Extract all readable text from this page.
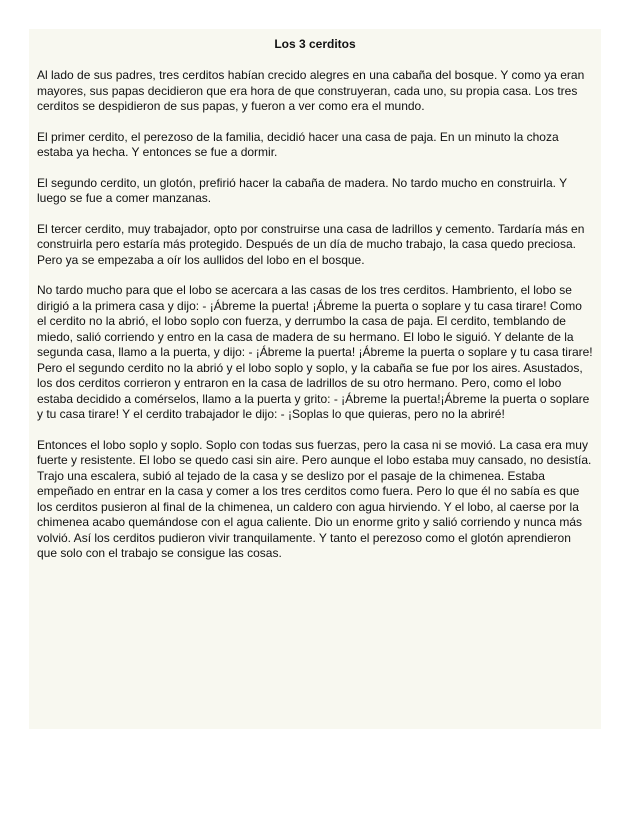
Los 3 cerditos

Al lado de sus padres, tres cerditos habían crecido alegres en una cabaña del bosque. Y como ya eran mayores, sus papas decidieron que era hora de que construyeran, cada uno, su propia casa. Los tres cerditos se despidieron de sus papas, y fueron a ver como era el mundo.

El primer cerdito, el perezoso de la familia, decidió hacer una casa de paja. En un minuto la choza estaba ya hecha. Y entonces se fue a dormir.

El segundo cerdito, un glotón, prefirió hacer la cabaña de madera. No tardo mucho en construirla. Y luego se fue a comer manzanas.

El tercer cerdito, muy trabajador, opto por construirse una casa de ladrillos y cemento. Tardaría más en construirla pero estaría más protegido. Después de un día de mucho trabajo, la casa quedo preciosa. Pero ya se empezaba a oír los aullidos del lobo en el bosque.

No tardo mucho para que el lobo se acercara a las casas de los tres cerditos. Hambriento, el lobo se dirigió a la primera casa y dijo: - ¡Ábreme la puerta! ¡Ábreme la puerta o soplare y tu casa tirare! Como el cerdito no la abrió, el lobo soplo con fuerza, y derrumbo la casa de paja. El cerdito, temblando de miedo, salió corriendo y entro en la casa de madera de su hermano. El lobo le siguió. Y delante de la segunda casa, llamo a la puerta, y dijo: - ¡Ábreme la puerta! ¡Ábreme la puerta o soplare y tu casa tirare! Pero el segundo cerdito no la abrió y el lobo soplo y soplo, y la cabaña se fue por los aires. Asustados, los dos cerditos corrieron y entraron en la casa de ladrillos de su otro hermano. Pero, como el lobo estaba decidido a comérselos, llamo a la puerta y grito: - ¡Ábreme la puerta!¡Ábreme la puerta o soplare y tu casa tirare! Y el cerdito trabajador le dijo: - ¡Soplas lo que quieras, pero no la abriré!

Entonces el lobo soplo y soplo. Soplo con todas sus fuerzas, pero la casa ni se movió. La casa era muy fuerte y resistente. El lobo se quedo casi sin aire. Pero aunque el lobo estaba muy cansado, no desistía. Trajo una escalera, subió al tejado de la casa y se deslizo por el pasaje de la chimenea. Estaba empeñado en entrar en la casa y comer a los tres cerditos como fuera. Pero lo que él no sabía es que los cerditos pusieron al final de la chimenea, un caldero con agua hirviendo. Y el lobo, al caerse por la chimenea acabo quemándose con el agua caliente. Dio un enorme grito y salió corriendo y nunca más volvió. Así los cerditos pudieron vivir tranquilamente. Y tanto el perezoso como el glotón aprendieron que solo con el trabajo se consigue las cosas.
